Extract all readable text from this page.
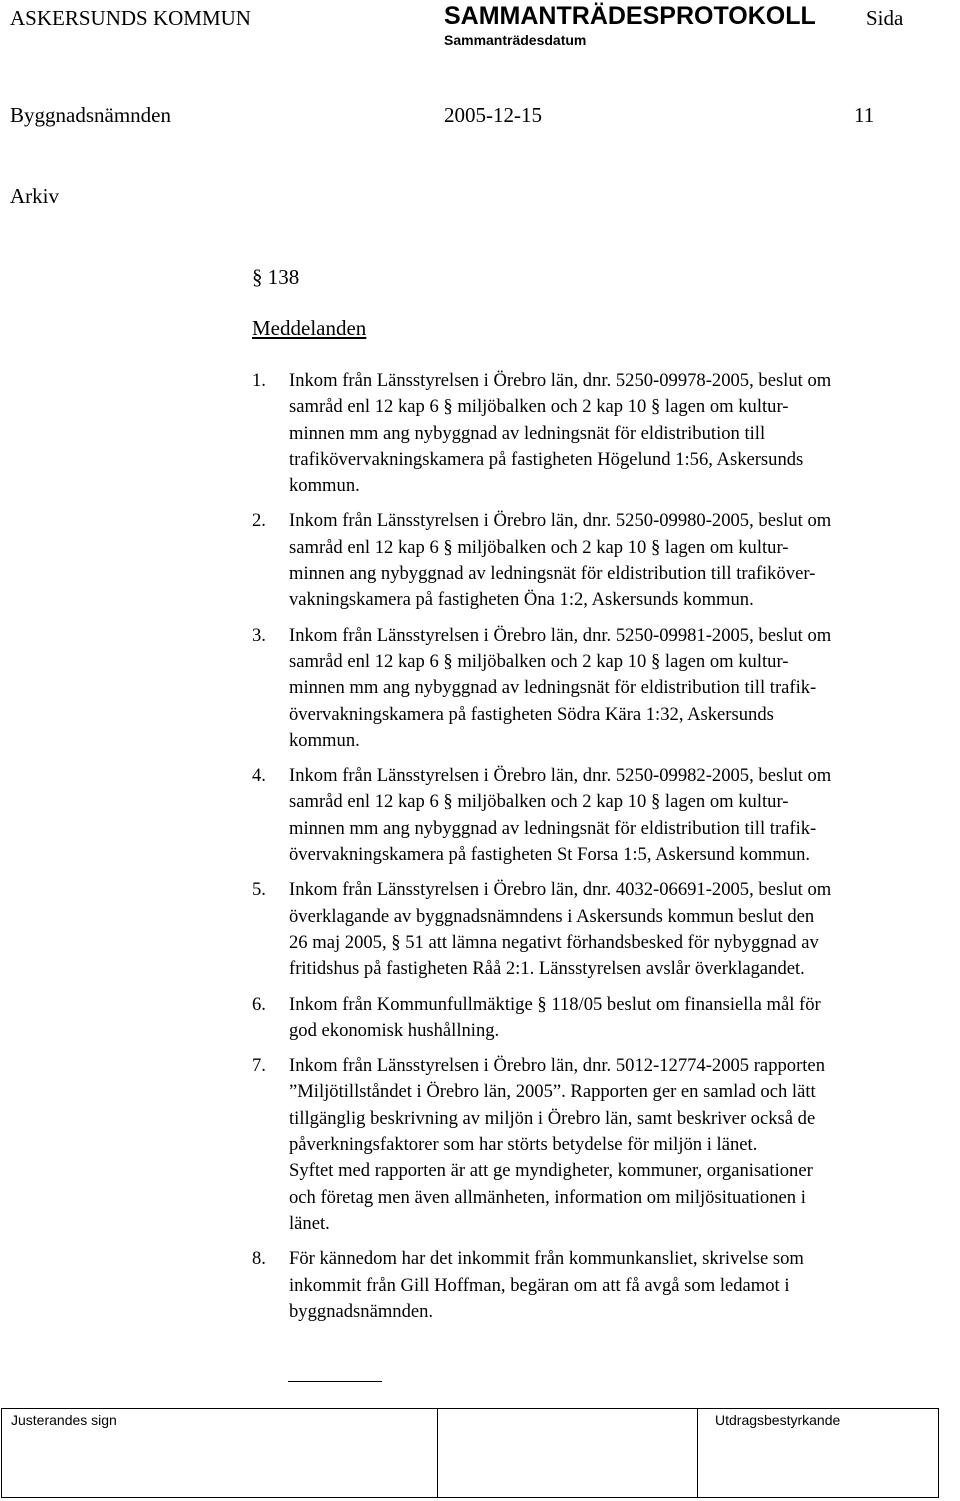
ASKERSUNDS KOMMUN	SAMMANTRÄDESPROTOKOLL Sida
Sammanträdesdatum
Byggnadsnämnden	2005-12-15	11
Arkiv
§ 138
Meddelanden
1. Inkom från Länsstyrelsen i Örebro län, dnr. 5250-09978-2005, beslut om
samråd enl 12 kap 6 § miljöbalken och 2 kap 10 § lagen om kultur-
minnen mm ang nybyggnad av ledningsnät för eldistribution till
trafikövervakningskamera på fastigheten Högelund 1:56, Askersunds
kommun.
2. Inkom från Länsstyrelsen i Örebro län, dnr. 5250-09980-2005, beslut om
samråd enl 12 kap 6 § miljöbalken och 2 kap 10 § lagen om kultur-
minnen ang nybyggnad av ledningsnät för eldistribution till trafiköver-
vakningskamera på fastigheten Öna 1:2, Askersunds kommun.
3. Inkom från Länsstyrelsen i Örebro län, dnr. 5250-09981-2005, beslut om
samråd enl 12 kap 6 § miljöbalken och 2 kap 10 § lagen om kultur-
minnen mm ang nybyggnad av ledningsnät för eldistribution till trafik-
övervakningskamera på fastigheten Södra Kära 1:32, Askersunds
kommun.
4. Inkom från Länsstyrelsen i Örebro län, dnr. 5250-09982-2005, beslut om
samråd enl 12 kap 6 § miljöbalken och 2 kap 10 § lagen om kultur-
minnen mm ang nybyggnad av ledningsnät för eldistribution till trafik-
övervakningskamera på fastigheten St Forsa 1:5, Askersund kommun.
5. Inkom från Länsstyrelsen i Örebro län, dnr. 4032-06691-2005, beslut om
överklagande av byggnadsnämndens i Askersunds kommun beslut den
26 maj 2005, § 51 att lämna negativt förhandsbesked för nybyggnad av
fritidshus på fastigheten Råå 2:1. Länsstyrelsen avslår överklagandet.
6. Inkom från Kommunfullmäktige § 118/05 beslut om finansiella mål för
god ekonomisk hushållning.
7. Inkom från Länsstyrelsen i Örebro län, dnr. 5012-12774-2005 rapporten
”Miljötillståndet i Örebro län, 2005”. Rapporten ger en samlad och lätt
tillgänglig beskrivning av miljön i Örebro län, samt beskriver också de
påverkningsfaktorer som har störts betydelse för miljön i länet.
Syftet med rapporten är att ge myndigheter, kommuner, organisationer
och företag men även allmänheten, information om miljösituationen i
länet.
8. För kännedom har det inkommit från kommunkansliet, skrivelse som
inkommit från Gill Hoffman, begäran om att få avgå som ledamot i
byggnadsnämnden.
Justerandes sign	Utdragsbestyrkande
